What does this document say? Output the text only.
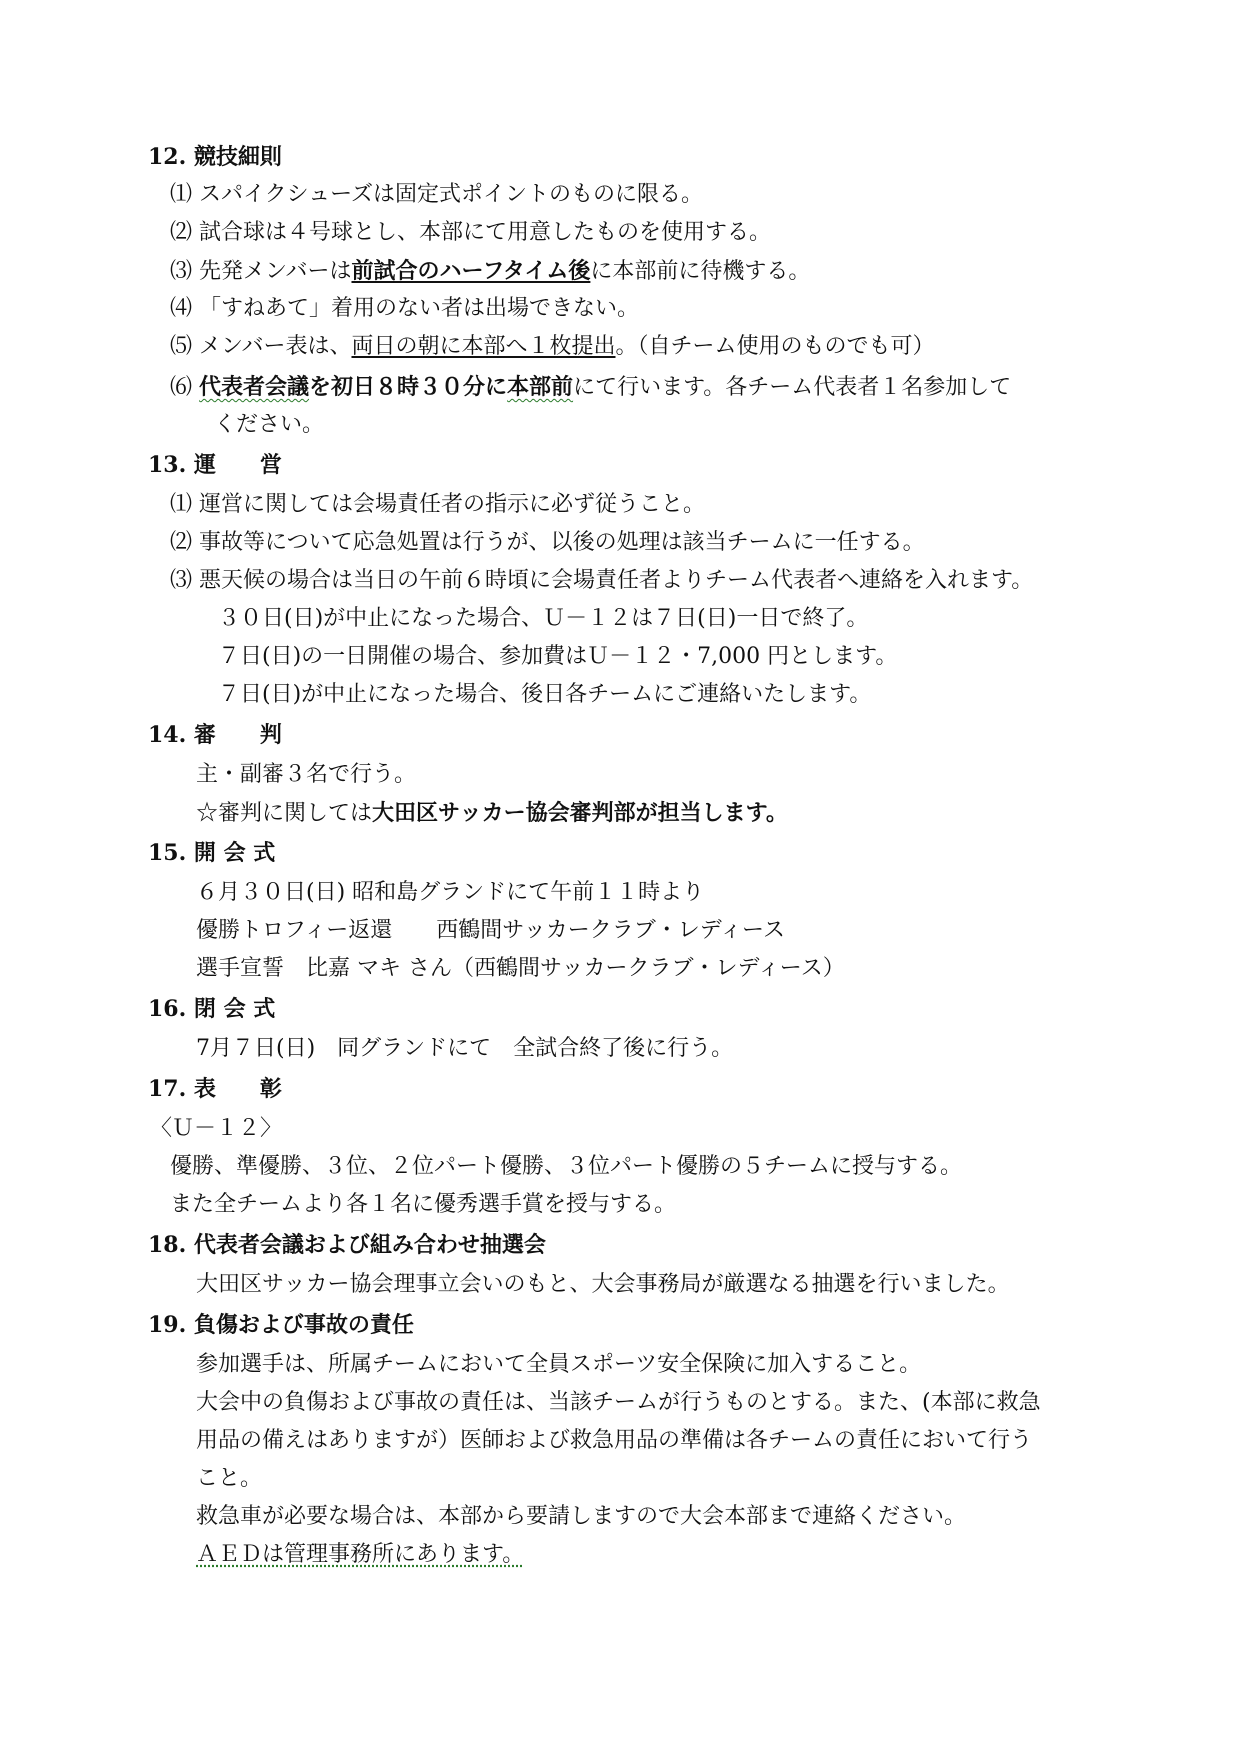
12. 競技細則
⑴ スパイクシューズは固定式ポイントのものに限る。
⑵ 試合球は４号球とし、本部にて用意したものを使用する。
⑶ 先発メンバーは前試合のハーフタイム後に本部前に待機する。
⑷ 「すねあて」着用のない者は出場できない。
⑸ メンバー表は、両日の朝に本部へ１枚提出。（自チーム使用のものでも可）
⑹ 代表者会議を初日８時３０分に本部前にて行います。各チーム代表者１名参加して
ください。
13. 運　　営
⑴ 運営に関しては会場責任者の指示に必ず従うこと。
⑵ 事故等について応急処置は行うが、以後の処理は該当チームに一任する。
⑶ 悪天候の場合は当日の午前６時頃に会場責任者よりチーム代表者へ連絡を入れます。
３０日(日)が中止になった場合、Ｕ－１２は７日(日)一日で終了。
７日(日)の一日開催の場合、参加費はＵ－１２・7,000 円とします。
７日(日)が中止になった場合、後日各チームにご連絡いたします。
14. 審　　判
主・副審３名で行う。
☆審判に関しては大田区サッカー協会審判部が担当します。
15. 開 会 式
６月３０日(日) 昭和島グランドにて午前１１時より
優勝トロフィー返還　　西鶴間サッカークラブ・レディース
選手宣誓　比嘉 マキ さん（西鶴間サッカークラブ・レディース）
16. 閉 会 式
7月７日(日)　同グランドにて　全試合終了後に行う。
17. 表　　彰
〈Ｕ－１２〉
優勝、準優勝、３位、２位パート優勝、３位パート優勝の５チームに授与する。
また全チームより各１名に優秀選手賞を授与する。
18. 代表者会議および組み合わせ抽選会
大田区サッカー協会理事立会いのもと、大会事務局が厳選なる抽選を行いました。
19. 負傷および事故の責任
参加選手は、所属チームにおいて全員スポーツ安全保険に加入すること。
大会中の負傷および事故の責任は、当該チームが行うものとする。また、(本部に救急
用品の備えはありますが）医師および救急用品の準備は各チームの責任において行う
こと。
救急車が必要な場合は、本部から要請しますので大会本部まで連絡ください。
ＡＥＤは管理事務所にあります。
